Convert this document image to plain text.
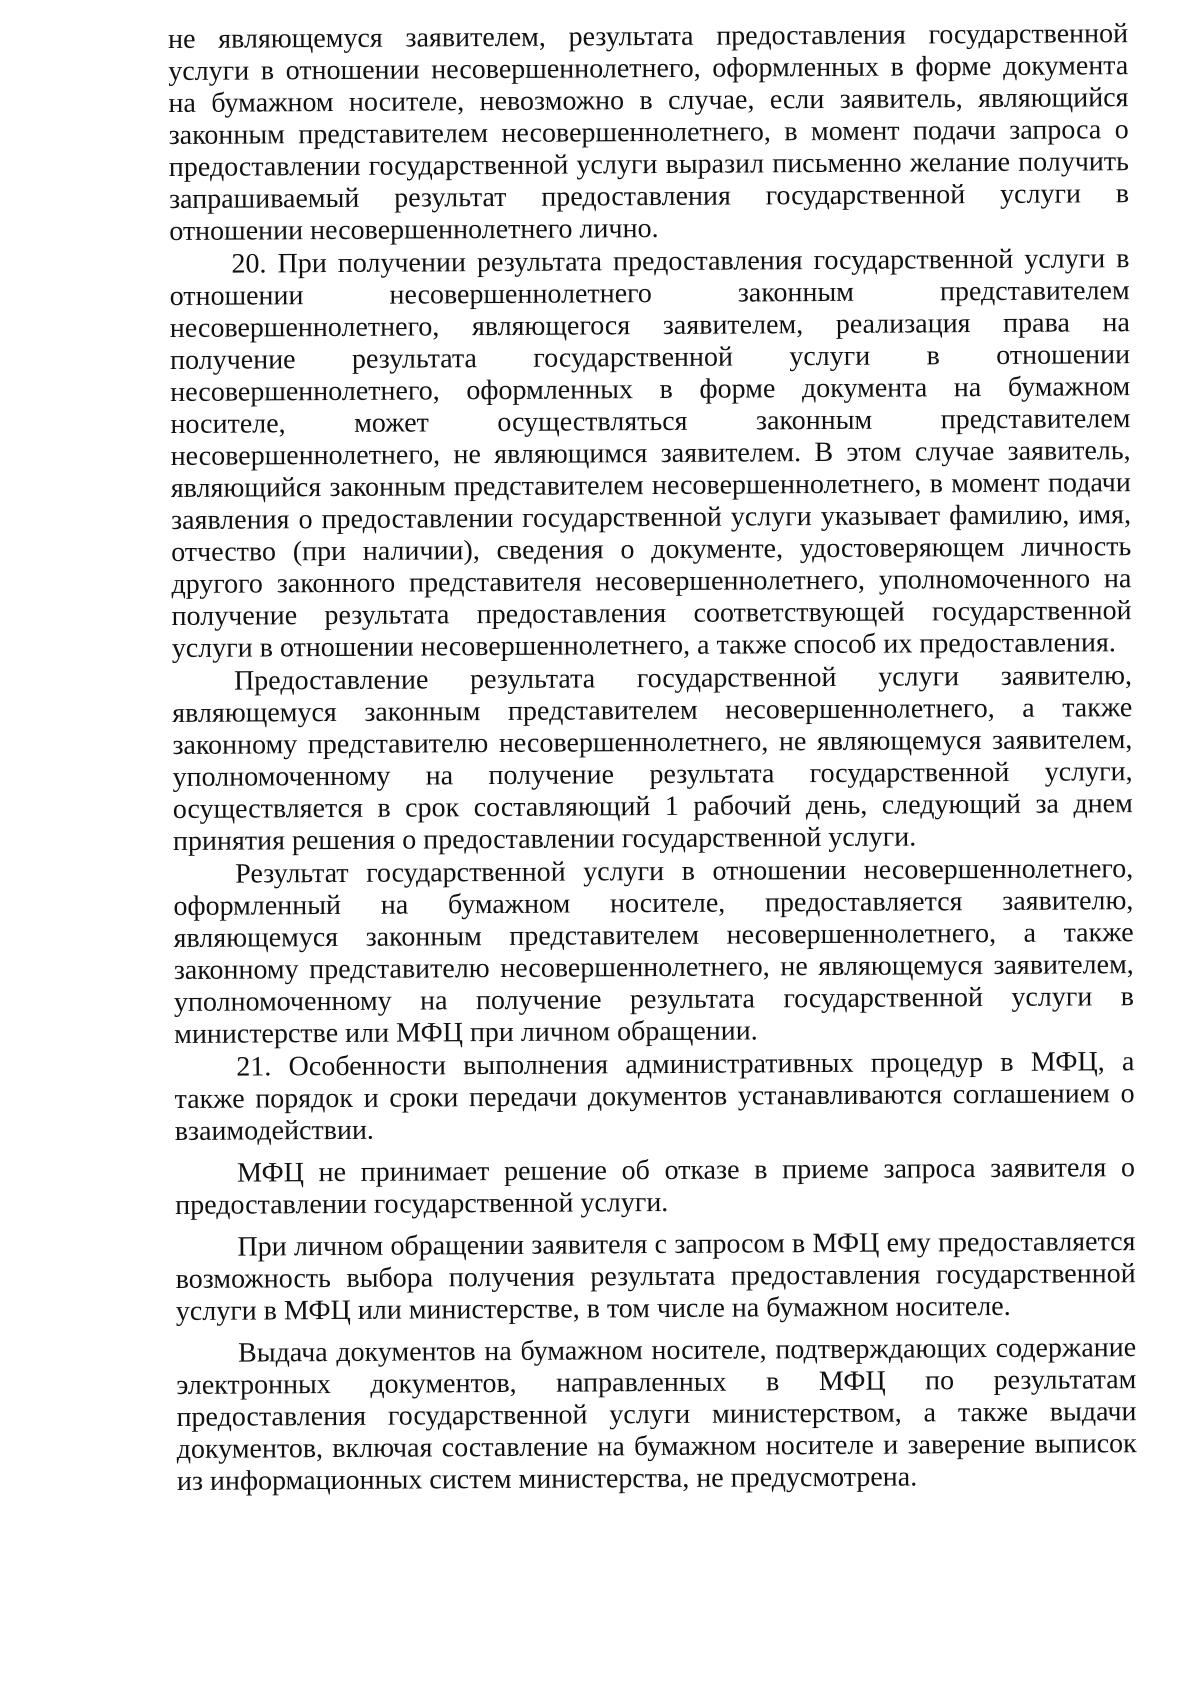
не являющемуся заявителем, результата предоставления государственной услуги в отношении несовершеннолетнего, оформленных в форме документа на бумажном носителе, невозможно в случае, если заявитель, являющийся законным представителем несовершеннолетнего, в момент подачи запроса о предоставлении государственной услуги выразил письменно желание получить запрашиваемый результат предоставления государственной услуги в отношении несовершеннолетнего лично.

20. При получении результата предоставления государственной услуги в отношении несовершеннолетнего законным представителем несовершеннолетнего, являющегося заявителем, реализация права на получение результата государственной услуги в отношении несовершеннолетнего, оформленных в форме документа на бумажном носителе, может осуществляться законным представителем несовершеннолетнего, не являющимся заявителем. В этом случае заявитель, являющийся законным представителем несовершеннолетнего, в момент подачи заявления о предоставлении государственной услуги указывает фамилию, имя, отчество (при наличии), сведения о документе, удостоверяющем личность другого законного представителя несовершеннолетнего, уполномоченного на получение результата предоставления соответствующей государственной услуги в отношении несовершеннолетнего, а также способ их предоставления.

Предоставление результата государственной услуги заявителю, являющемуся законным представителем несовершеннолетнего, а также законному представителю несовершеннолетнего, не являющемуся заявителем, уполномоченному на получение результата государственной услуги, осуществляется в срок составляющий 1 рабочий день, следующий за днем принятия решения о предоставлении государственной услуги.

Результат государственной услуги в отношении несовершеннолетнего, оформленный на бумажном носителе, предоставляется заявителю, являющемуся законным представителем несовершеннолетнего, а также законному представителю несовершеннолетнего, не являющемуся заявителем, уполномоченному на получение результата государственной услуги в министерстве или МФЦ при личном обращении.

21. Особенности выполнения административных процедур в МФЦ, а также порядок и сроки передачи документов устанавливаются соглашением о взаимодействии.

МФЦ не принимает решение об отказе в приеме запроса заявителя о предоставлении государственной услуги.

При личном обращении заявителя с запросом в МФЦ ему предоставляется возможность выбора получения результата предоставления государственной услуги в МФЦ или министерстве, в том числе на бумажном носителе.

Выдача документов на бумажном носителе, подтверждающих содержание электронных документов, направленных в МФЦ по результатам предоставления государственной услуги министерством, а также выдачи документов, включая составление на бумажном носителе и заверение выписок из информационных систем министерства, не предусмотрена.
